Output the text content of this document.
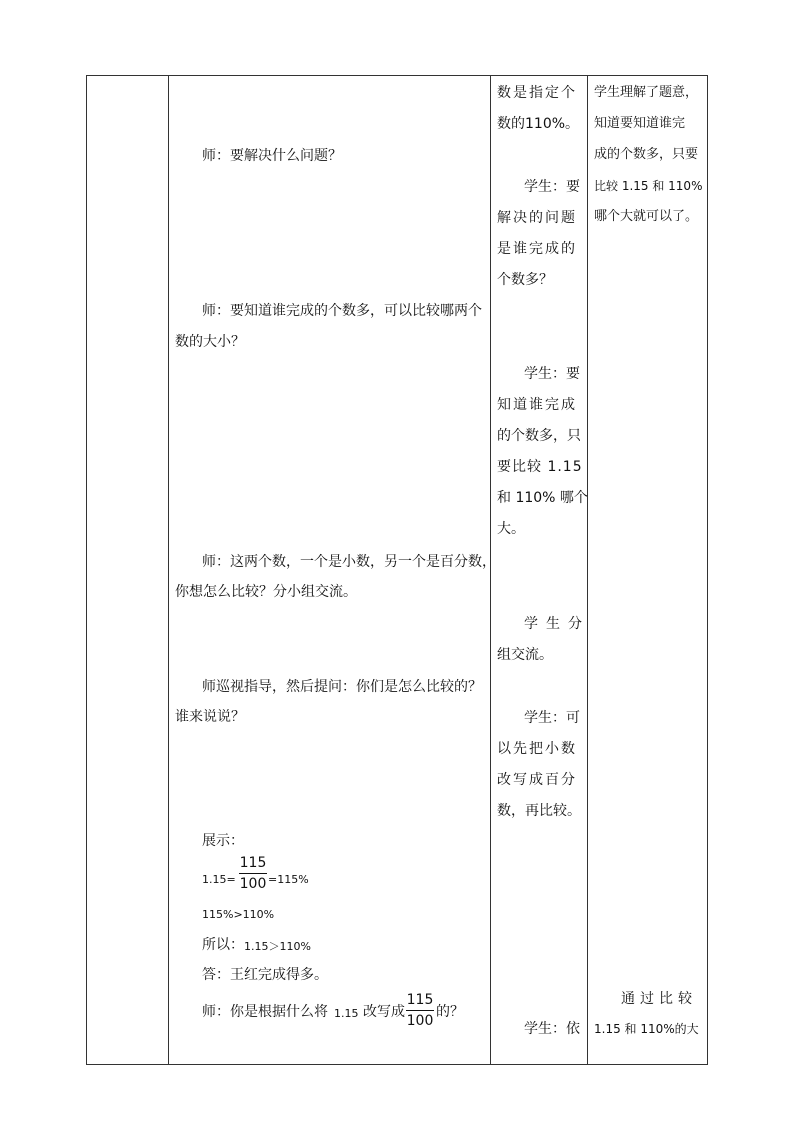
师：要解决什么问题？
师：要知道谁完成的个数多，可以比较哪两个
数的大小？
师：这两个数，一个是小数，另一个是百分数，
你想怎么比较？分小组交流。
师巡视指导，然后提问：你们是怎么比较的？
谁来说说？
展示：
1.15=
115
100 =115%
115%>110%
所以： 1.15＞110%
答：王红完成得多。
师：你是根据什么将 1.15 改写成
115
100
的？
数是指定个
数的110%。
学生：要
解决的问题
是谁完成的
个数多？
学生：要
知道谁完成
的个数多，只
要比较 1.15
和 110% 哪个
大。
学生分
组交流。
学生：可
以先把小数
改写成百分
数，再比较。
学生：依
学生理解了题意，
知道要知道谁完
成的个数多，只要
比较 1.15 和 110%
哪个大就可以了。
通过比较
1.15 和 110%的大
